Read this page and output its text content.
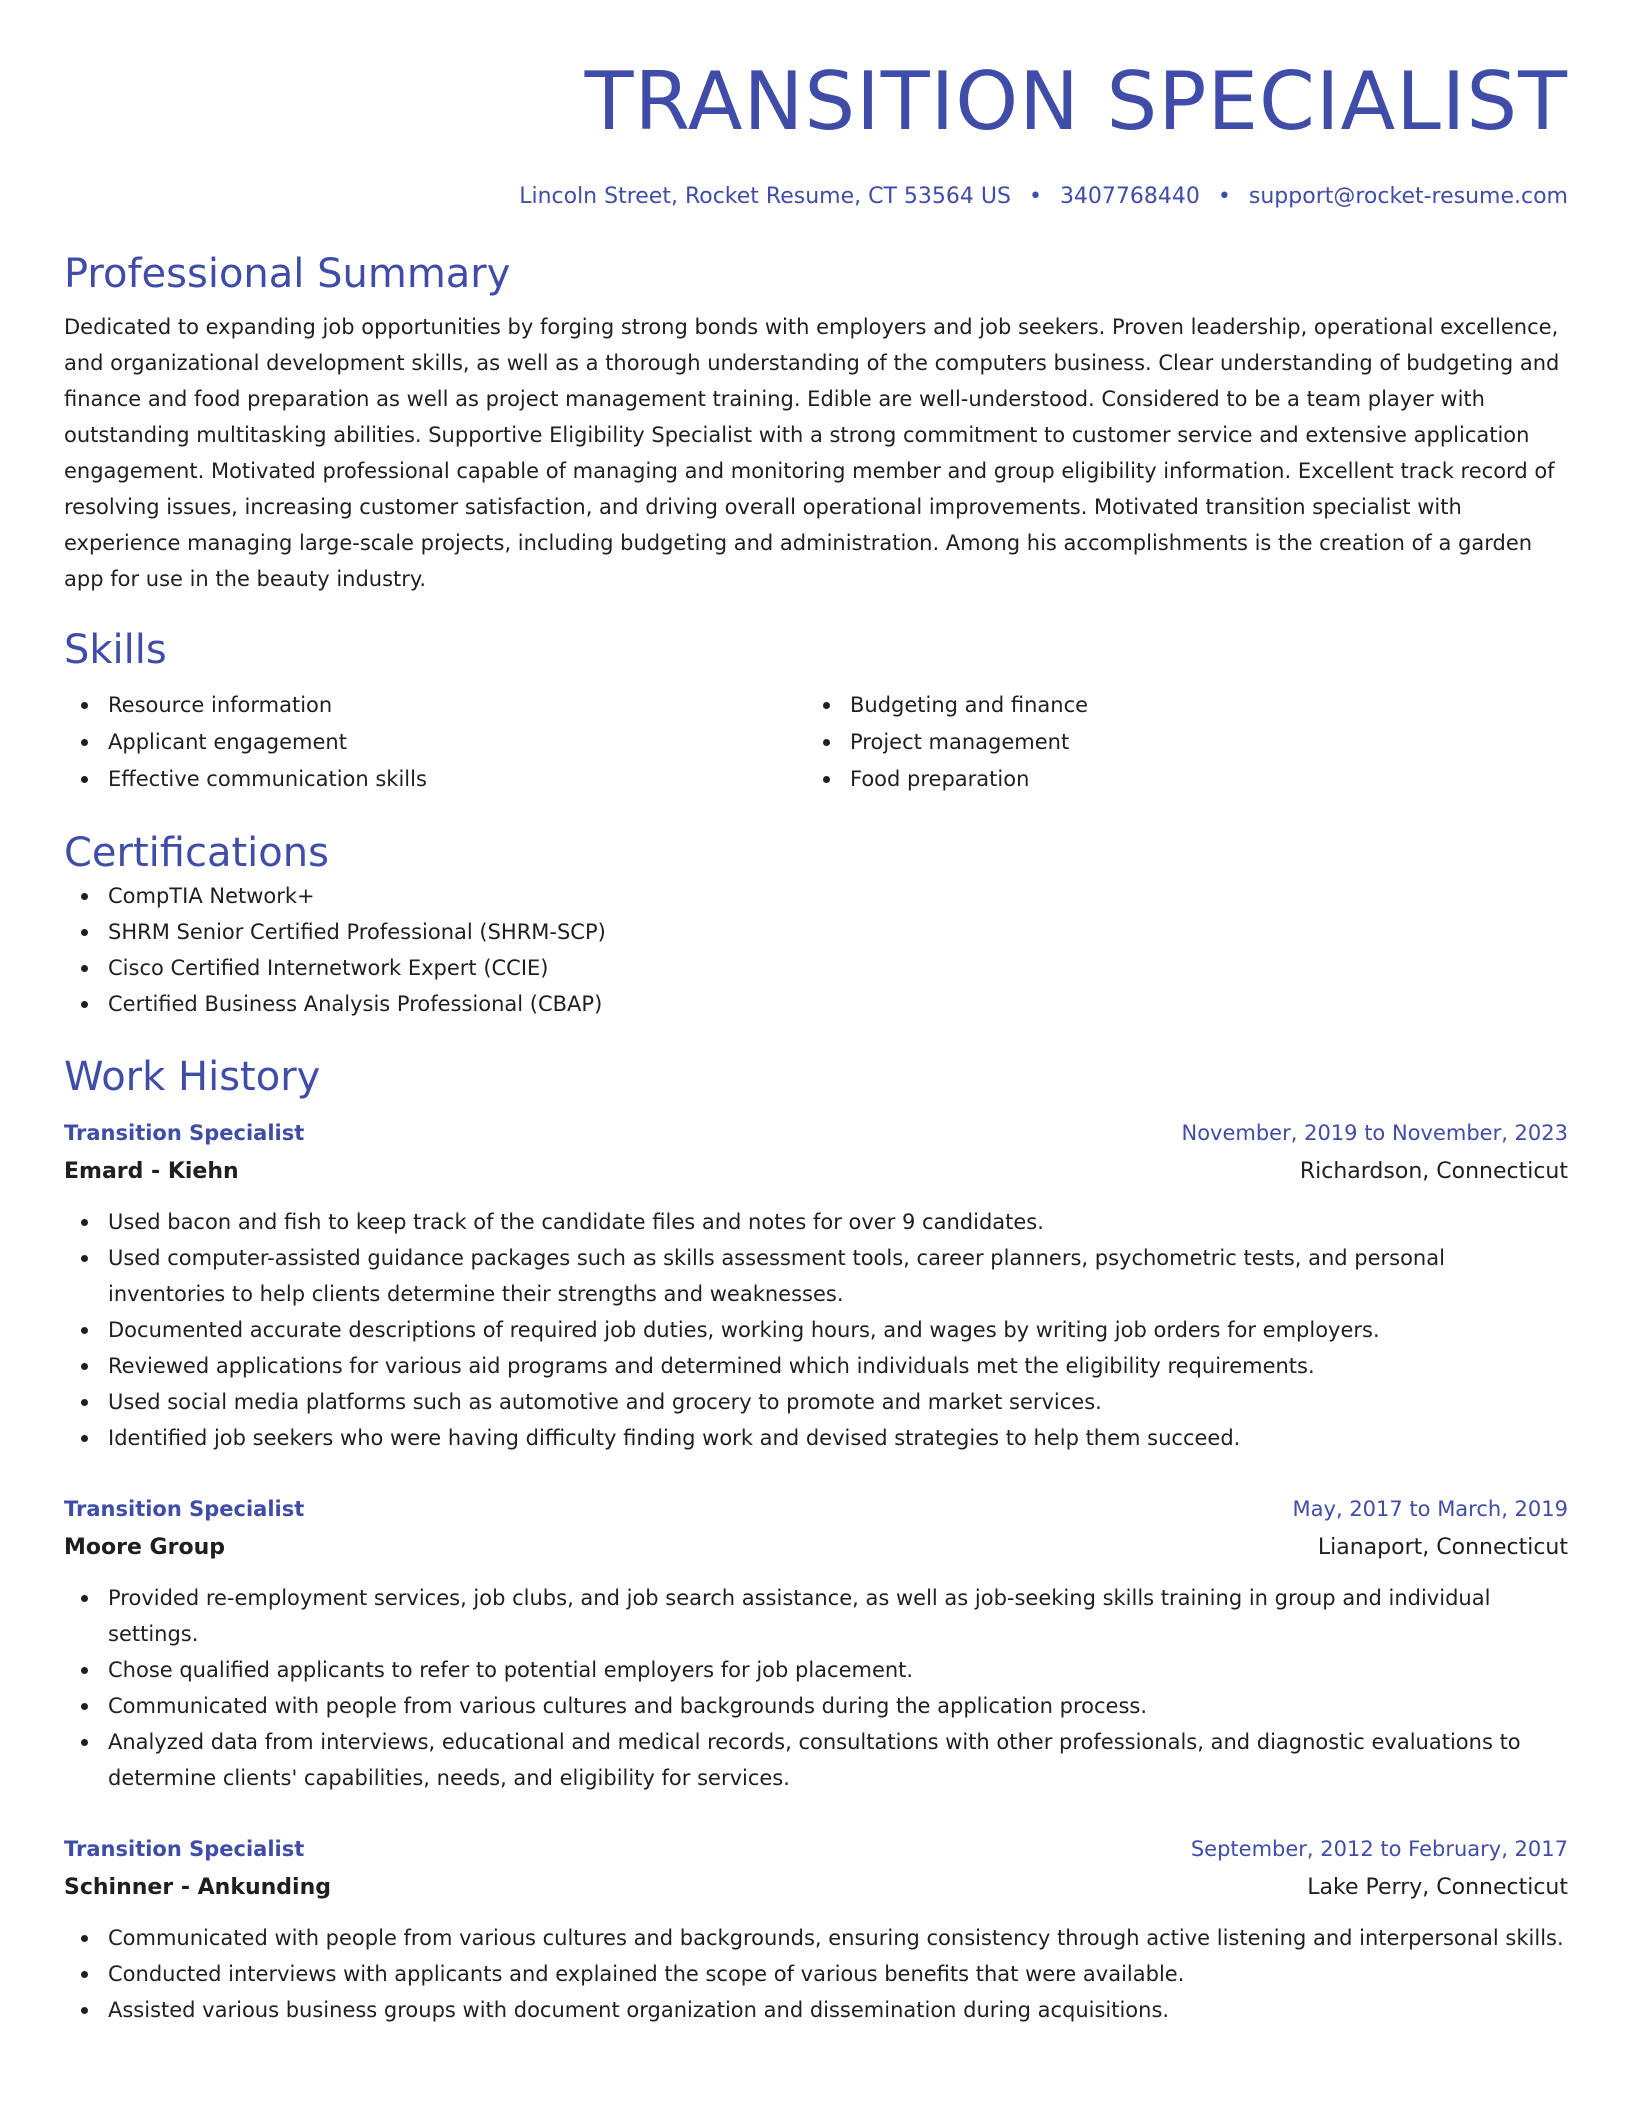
TRANSITION SPECIALIST
Lincoln Street, Rocket Resume, CT 53564 US • 3407768440 • support@rocket-resume.com
Professional Summary

Dedicated to expanding job opportunities by forging strong bonds with employers and job seekers. Proven leadership, operational excellence, and organizational development skills, as well as a thorough understanding of the computers business. Clear understanding of budgeting and finance and food preparation as well as project management training. Edible are well-understood. Considered to be a team player with outstanding multitasking abilities. Supportive Eligibility Specialist with a strong commitment to customer service and extensive application engagement. Motivated professional capable of managing and monitoring member and group eligibility information. Excellent track record of resolving issues, increasing customer satisfaction, and driving overall operational improvements. Motivated transition specialist with experience managing large-scale projects, including budgeting and administration. Among his accomplishments is the creation of a garden app for use in the beauty industry.

Skills
Resource information
Applicant engagement
Effective communication skills
Budgeting and finance
Project management
Food preparation
Certifications
CompTIA Network+
SHRM Senior Certified Professional (SHRM-SCP)
Cisco Certified Internetwork Expert (CCIE)
Certified Business Analysis Professional (CBAP)
Work History
Transition Specialist	November, 2019 to November, 2023
Emard - Kiehn	Richardson, Connecticut
Used bacon and fish to keep track of the candidate files and notes for over 9 candidates.
Used computer-assisted guidance packages such as skills assessment tools, career planners, psychometric tests, and personal inventories to help clients determine their strengths and weaknesses.
Documented accurate descriptions of required job duties, working hours, and wages by writing job orders for employers.
Reviewed applications for various aid programs and determined which individuals met the eligibility requirements.
Used social media platforms such as automotive and grocery to promote and market services.
Identified job seekers who were having difficulty finding work and devised strategies to help them succeed.
Transition Specialist	May, 2017 to March, 2019
Moore Group	Lianaport, Connecticut
Provided re-employment services, job clubs, and job search assistance, as well as job-seeking skills training in group and individual settings.
Chose qualified applicants to refer to potential employers for job placement.
Communicated with people from various cultures and backgrounds during the application process.
Analyzed data from interviews, educational and medical records, consultations with other professionals, and diagnostic evaluations to determine clients' capabilities, needs, and eligibility for services.
Transition Specialist	September, 2012 to February, 2017
Schinner - Ankunding	Lake Perry, Connecticut
Communicated with people from various cultures and backgrounds, ensuring consistency through active listening and interpersonal skills.
Conducted interviews with applicants and explained the scope of various benefits that were available.
Assisted various business groups with document organization and dissemination during acquisitions.
